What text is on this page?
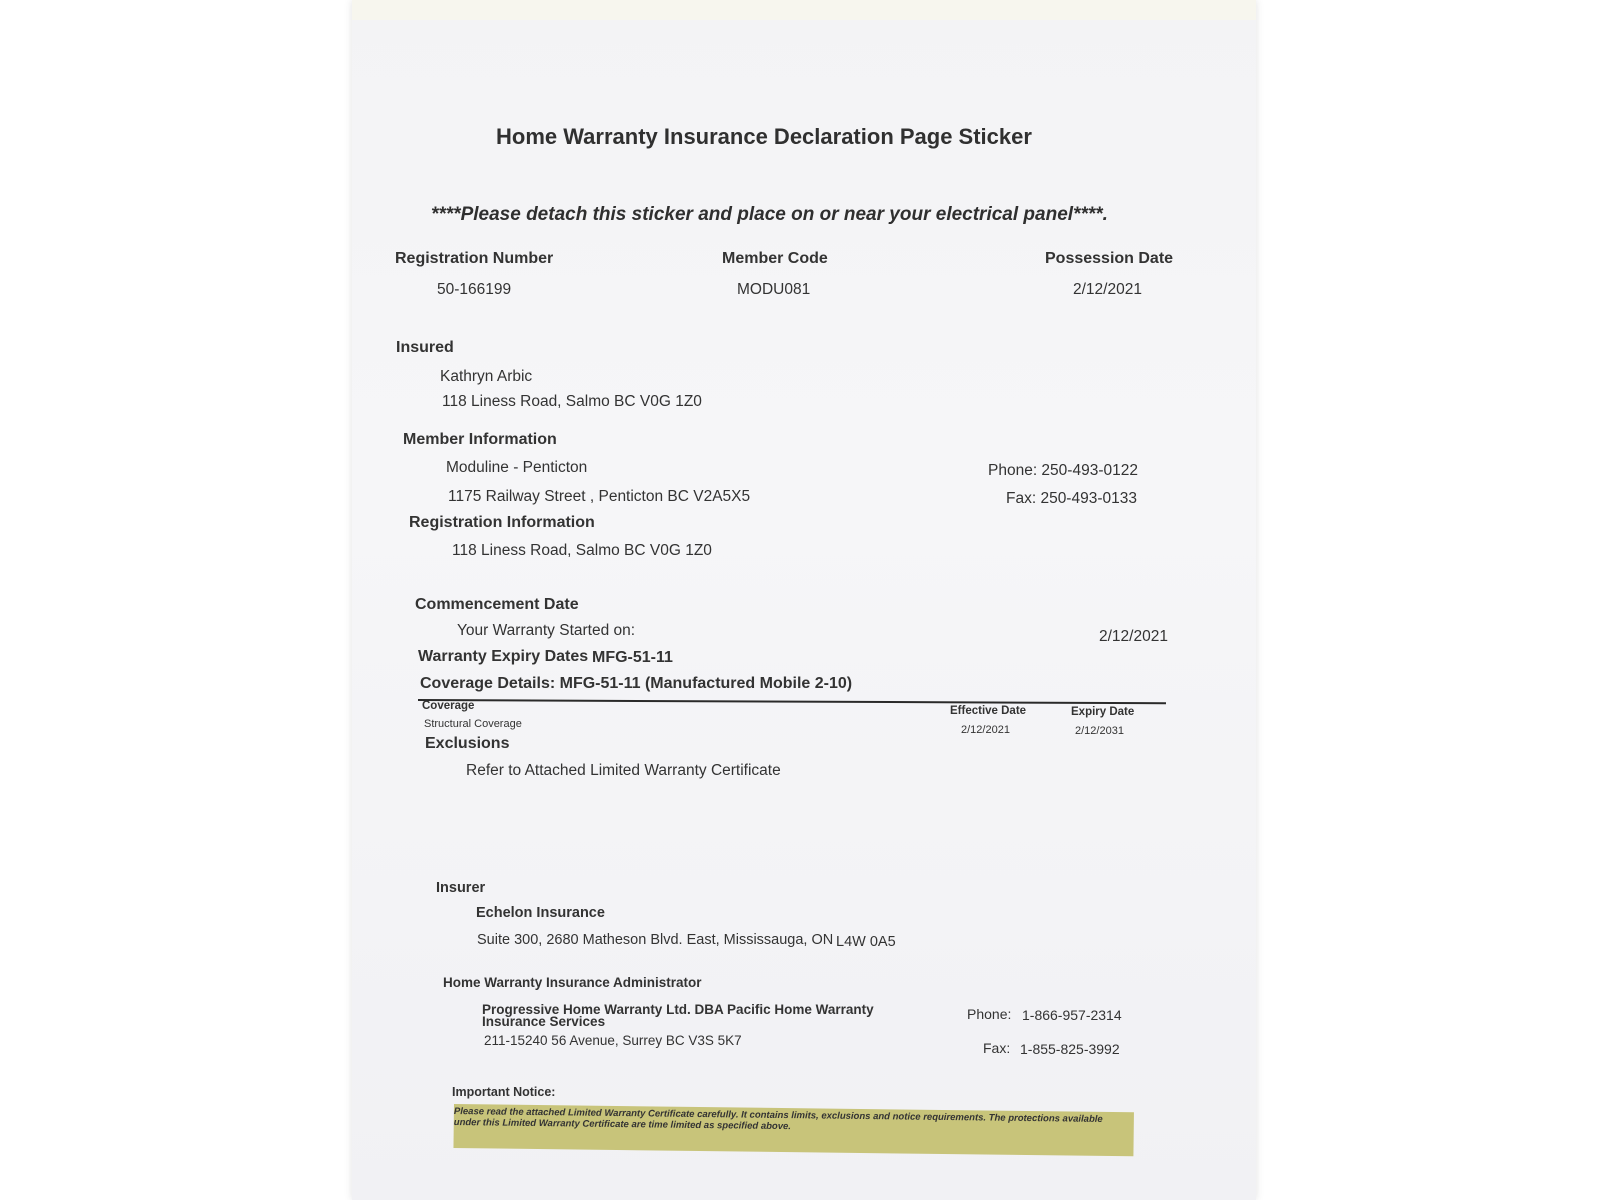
Home Warranty Insurance Declaration Page Sticker
****Please detach this sticker and place on or near your electrical panel****.
Registration Number
50-166199
Member Code
MODU081
Possession Date
2/12/2021
Insured
Kathryn Arbic
118 Liness Road, Salmo BC V0G 1Z0
Member Information
Moduline - Penticton
1175 Railway Street , Penticton BC V2A5X5
Phone: 250-493-0122
Fax: 250-493-0133
Registration Information
118 Liness Road, Salmo BC V0G 1Z0
Commencement Date
Your Warranty Started on:	2/12/2021
Warranty Expiry Dates MFG-51-11
Coverage Details: MFG-51-11 (Manufactured Mobile 2-10)
Coverage
Structural Coverage
Effective Date
2/12/2021
Expiry Date
2/12/2031
Exclusions
Refer to Attached Limited Warranty Certificate
Insurer
Echelon Insurance
Suite 300, 2680 Matheson Blvd. East, Mississauga, ON L4W 0A5
Home Warranty Insurance Administrator
Progressive Home Warranty Ltd. DBA Pacific Home Warranty
Insurance Services
211-15240 56 Avenue, Surrey BC V3S 5K7
Phone: 1-866-957-2314
Fax: 1-855-825-3992
Important Notice:
Please read the attached Limited Warranty Certificate carefully. It contains limits, exclusions and notice requirements. The protections available under this Limited Warranty Certificate are time limited as specified above.
